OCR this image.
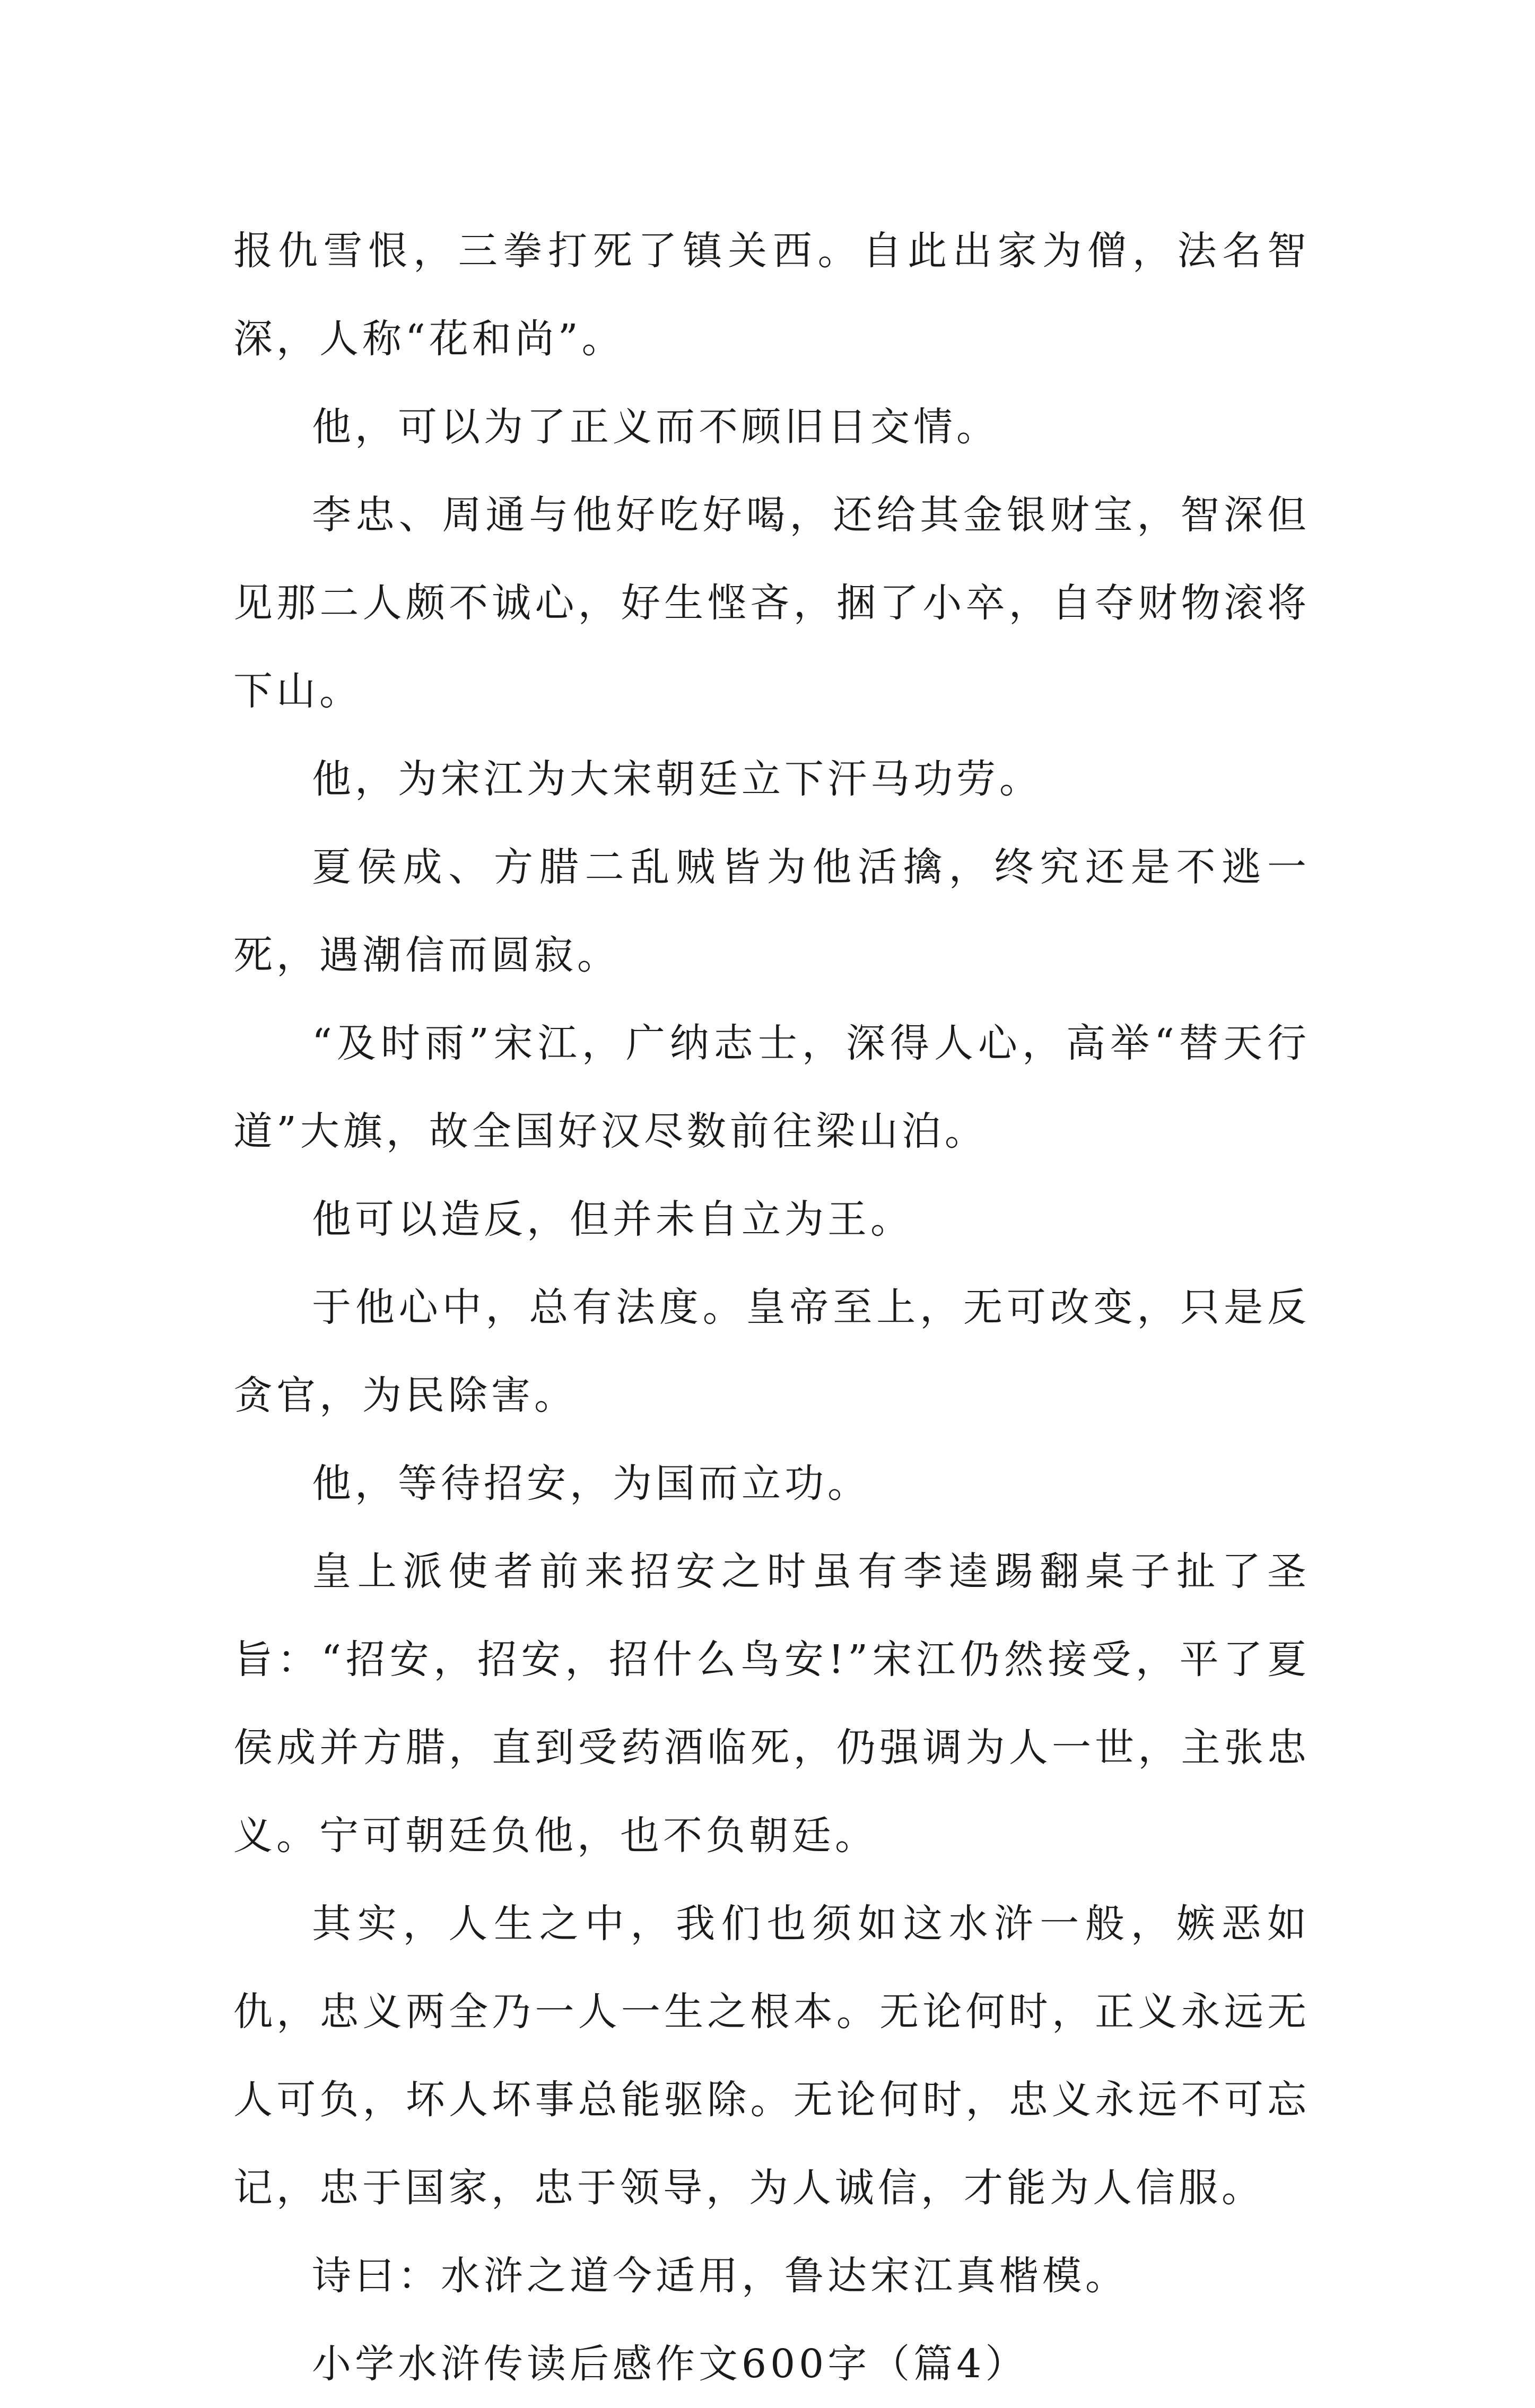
报仇雪恨，三拳打死了镇关西。自此出家为僧，法名智深，人称“花和尚”。

他，可以为了正义而不顾旧日交情。

李忠、周通与他好吃好喝，还给其金银财宝，智深但见那二人颇不诚心，好生悭吝，捆了小卒，自夺财物滚将下山。

他，为宋江为大宋朝廷立下汗马功劳。

夏侯成、方腊二乱贼皆为他活擒，终究还是不逃一死，遇潮信而圆寂。

“及时雨”宋江，广纳志士，深得人心，高举“替天行道”大旗，故全国好汉尽数前往梁山泊。

他可以造反，但并未自立为王。

于他心中，总有法度。皇帝至上，无可改变，只是反贪官，为民除害。

他，等待招安，为国而立功。

皇上派使者前来招安之时虽有李逵踢翻桌子扯了圣旨：“招安，招安，招什么鸟安!”宋江仍然接受，平了夏侯成并方腊，直到受药酒临死，仍强调为人一世，主张忠义。宁可朝廷负他，也不负朝廷。

其实，人生之中，我们也须如这水浒一般，嫉恶如仇，忠义两全乃一人一生之根本。无论何时，正义永远无人可负，坏人坏事总能驱除。无论何时，忠义永远不可忘记，忠于国家，忠于领导，为人诚信，才能为人信服。

诗曰：水浒之道今适用，鲁达宋江真楷模。

小学水浒传读后感作文600字（篇4）
